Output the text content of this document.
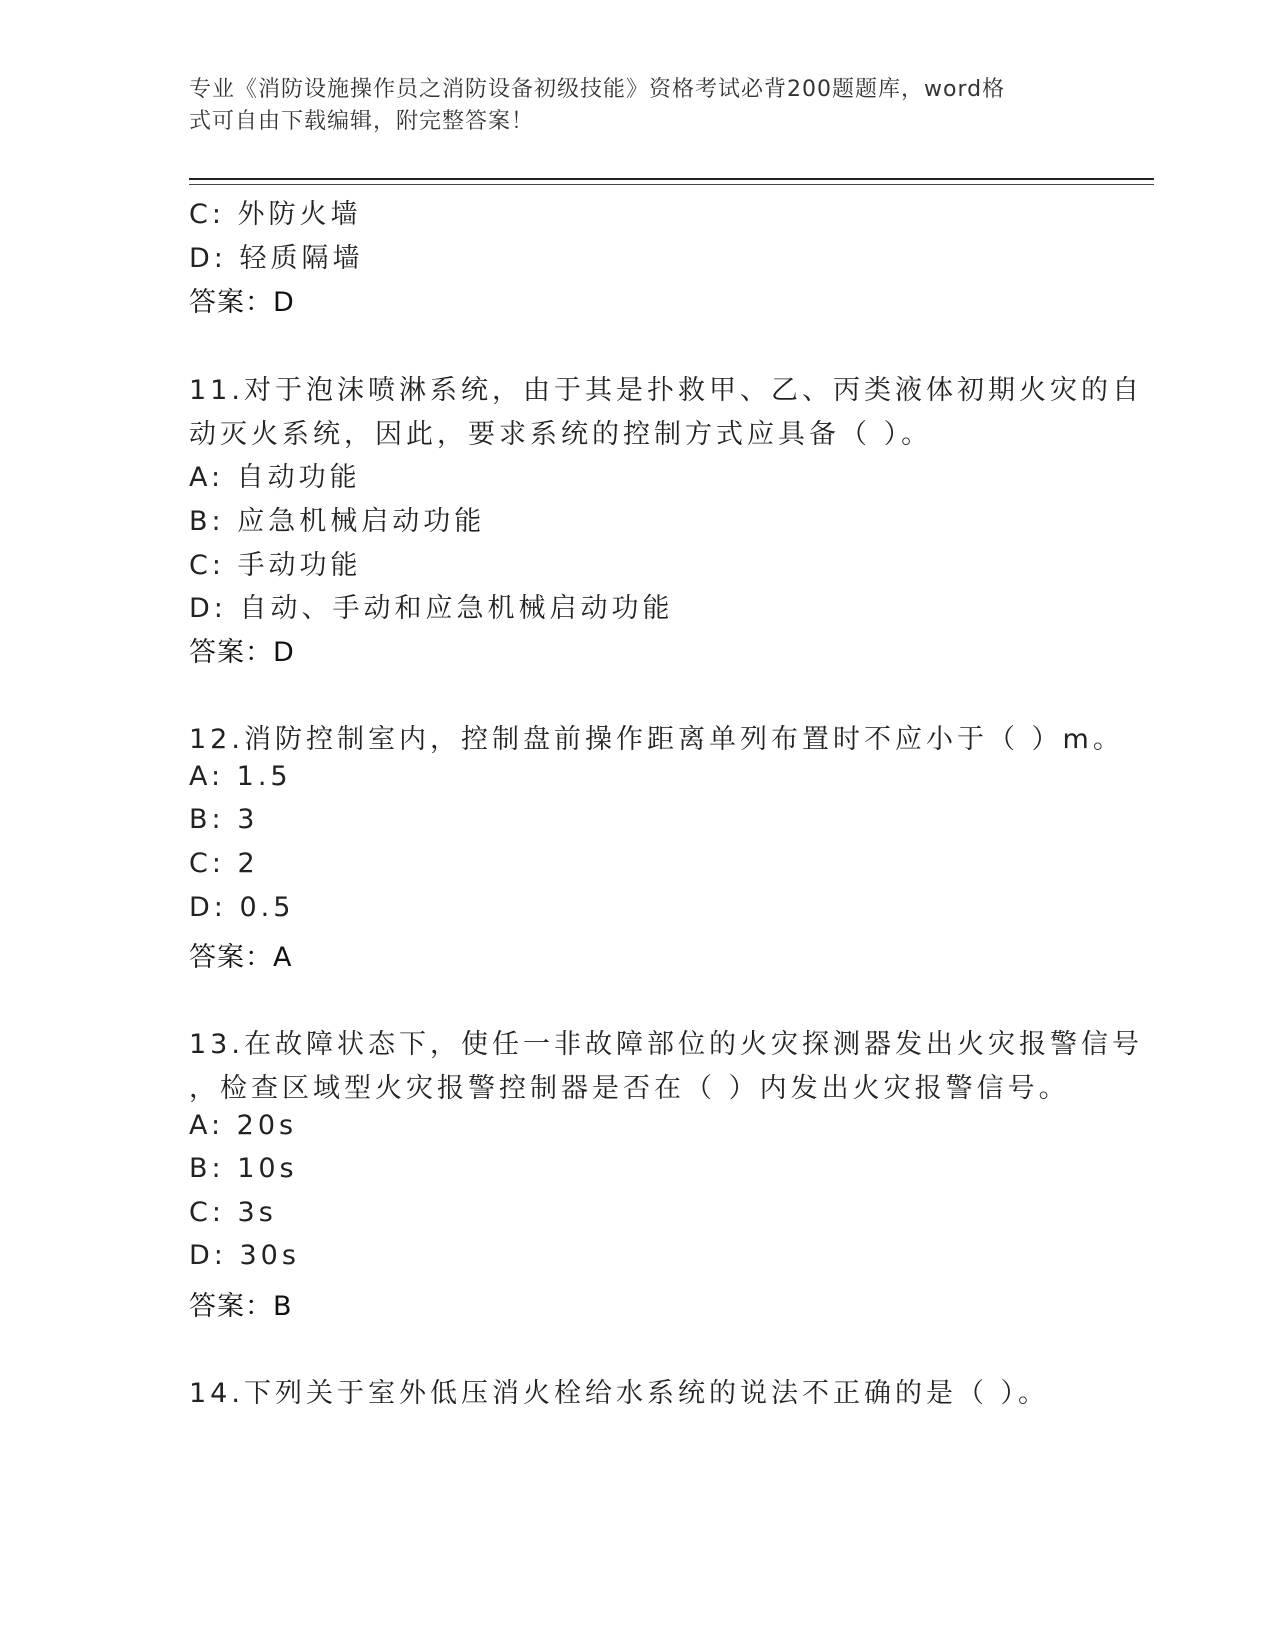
专业《消防设施操作员之消防设备初级技能》资格考试必背200题题库，word格
式可自由下载编辑，附完整答案！
C: 外防火墙
D: 轻质隔墙
答案：D
11.对于泡沫喷淋系统，由于其是扑救甲、乙、丙类液体初期火灾的自
动灭火系统，因此，要求系统的控制方式应具备（ ）。
A: 自动功能
B: 应急机械启动功能
C: 手动功能
D: 自动、手动和应急机械启动功能
答案：D
12.消防控制室内，控制盘前操作距离单列布置时不应小于（ ）m。
A: 1.5
B: 3
C: 2
D: 0.5
答案：A
13.在故障状态下，使任一非故障部位的火灾探测器发出火灾报警信号
，检查区域型火灾报警控制器是否在（ ）内发出火灾报警信号。
A: 20s
B: 10s
C: 3s
D: 30s
答案：B
14.下列关于室外低压消火栓给水系统的说法不正确的是（ ）。
